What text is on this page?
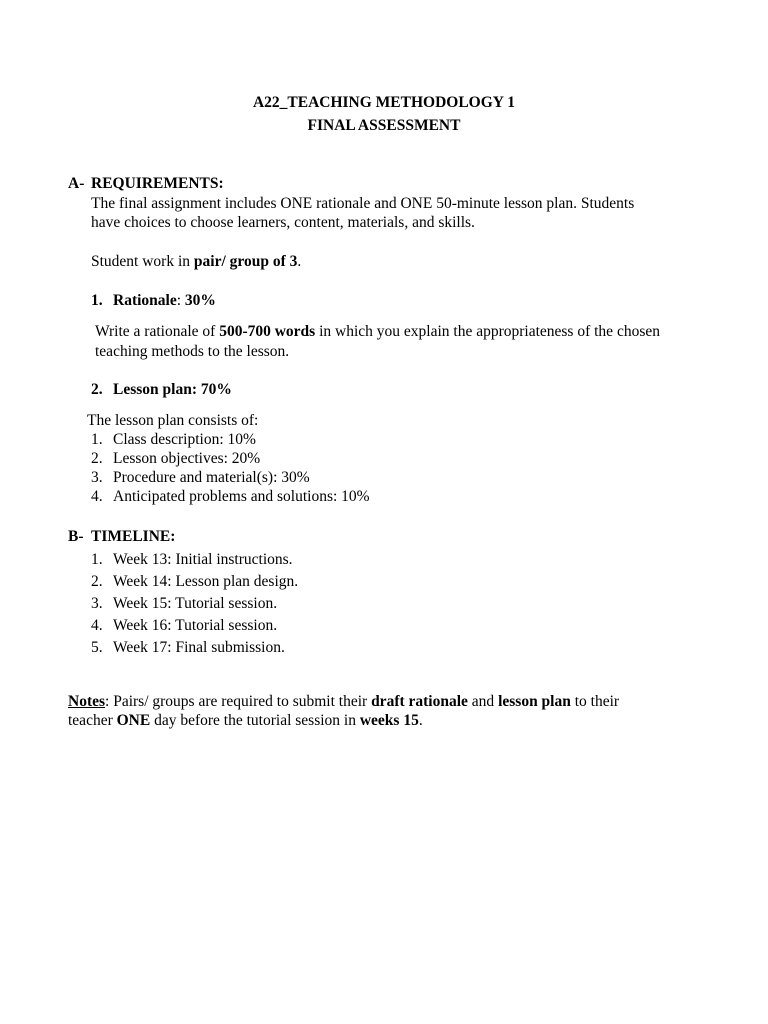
A22_TEACHING METHODOLOGY 1
FINAL ASSESSMENT
A- REQUIREMENTS:
The final assignment includes ONE rationale and ONE 50-minute lesson plan. Students
have choices to choose learners, content, materials, and skills.
Student work in pair/ group of 3.
1. Rationale: 30%
Write a rationale of 500-700 words in which you explain the appropriateness of the chosen
teaching methods to the lesson.
2. Lesson plan: 70%
The lesson plan consists of:
1. Class description: 10%
2. Lesson objectives: 20%
3. Procedure and material(s): 30%
4. Anticipated problems and solutions: 10%
B- TIMELINE:
1. Week 13: Initial instructions.
2. Week 14: Lesson plan design.
3. Week 15: Tutorial session.
4. Week 16: Tutorial session.
5. Week 17: Final submission.
Notes: Pairs/ groups are required to submit their draft rationale and lesson plan to their
teacher ONE day before the tutorial session in weeks 15.
